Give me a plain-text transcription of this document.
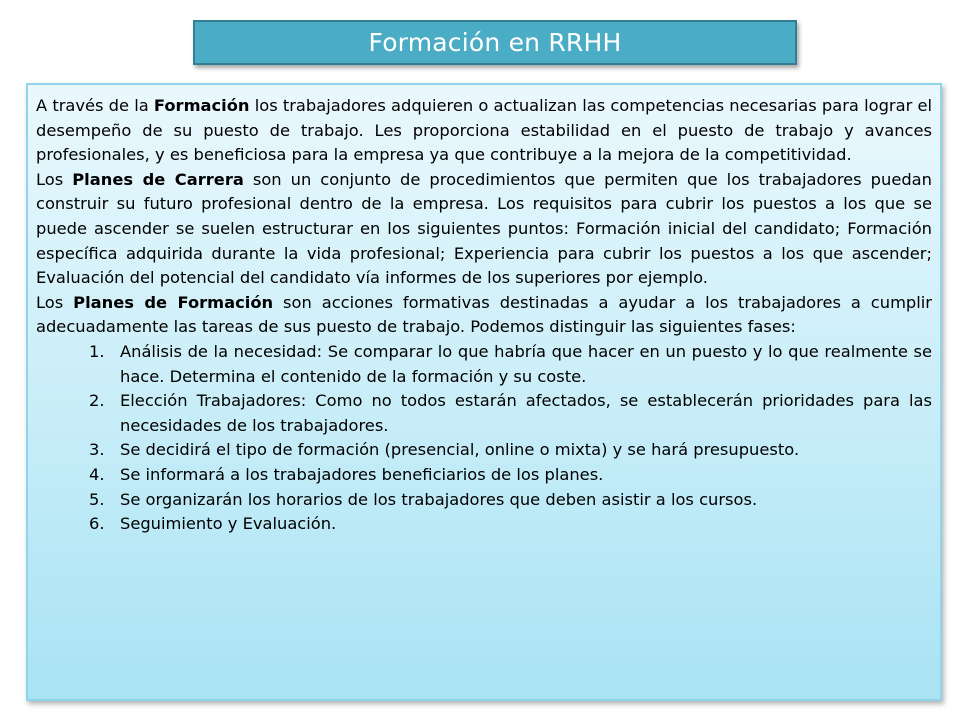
Formación en RRHH

A través de la Formación los trabajadores adquieren o actualizan las competencias necesarias para lograr el desempeño de su puesto de trabajo. Les proporciona estabilidad en el puesto de trabajo y avances profesionales, y es beneficiosa para la empresa ya que contribuye a la mejora de la competitividad.

Los Planes de Carrera son un conjunto de procedimientos que permiten que los trabajadores puedan construir su futuro profesional dentro de la empresa. Los requisitos para cubrir los puestos a los que se puede ascender se suelen estructurar en los siguientes puntos: Formación inicial del candidato; Formación específica adquirida durante la vida profesional; Experiencia para cubrir los puestos a los que ascender; Evaluación del potencial del candidato vía informes de los superiores por ejemplo.

Los Planes de Formación son acciones formativas destinadas a ayudar a los trabajadores a cumplir adecuadamente las tareas de sus puesto de trabajo. Podemos distinguir las siguientes fases:

1. Análisis de la necesidad: Se comparar lo que habría que hacer en un puesto y lo que realmente se hace. Determina el contenido de la formación y su coste.
2. Elección Trabajadores: Como no todos estarán afectados, se establecerán prioridades para las necesidades de los trabajadores.
3. Se decidirá el tipo de formación (presencial, online o mixta) y se hará presupuesto.
4. Se informará a los trabajadores beneficiarios de los planes.
5. Se organizarán los horarios de los trabajadores que deben asistir a los cursos.
6. Seguimiento y Evaluación.
